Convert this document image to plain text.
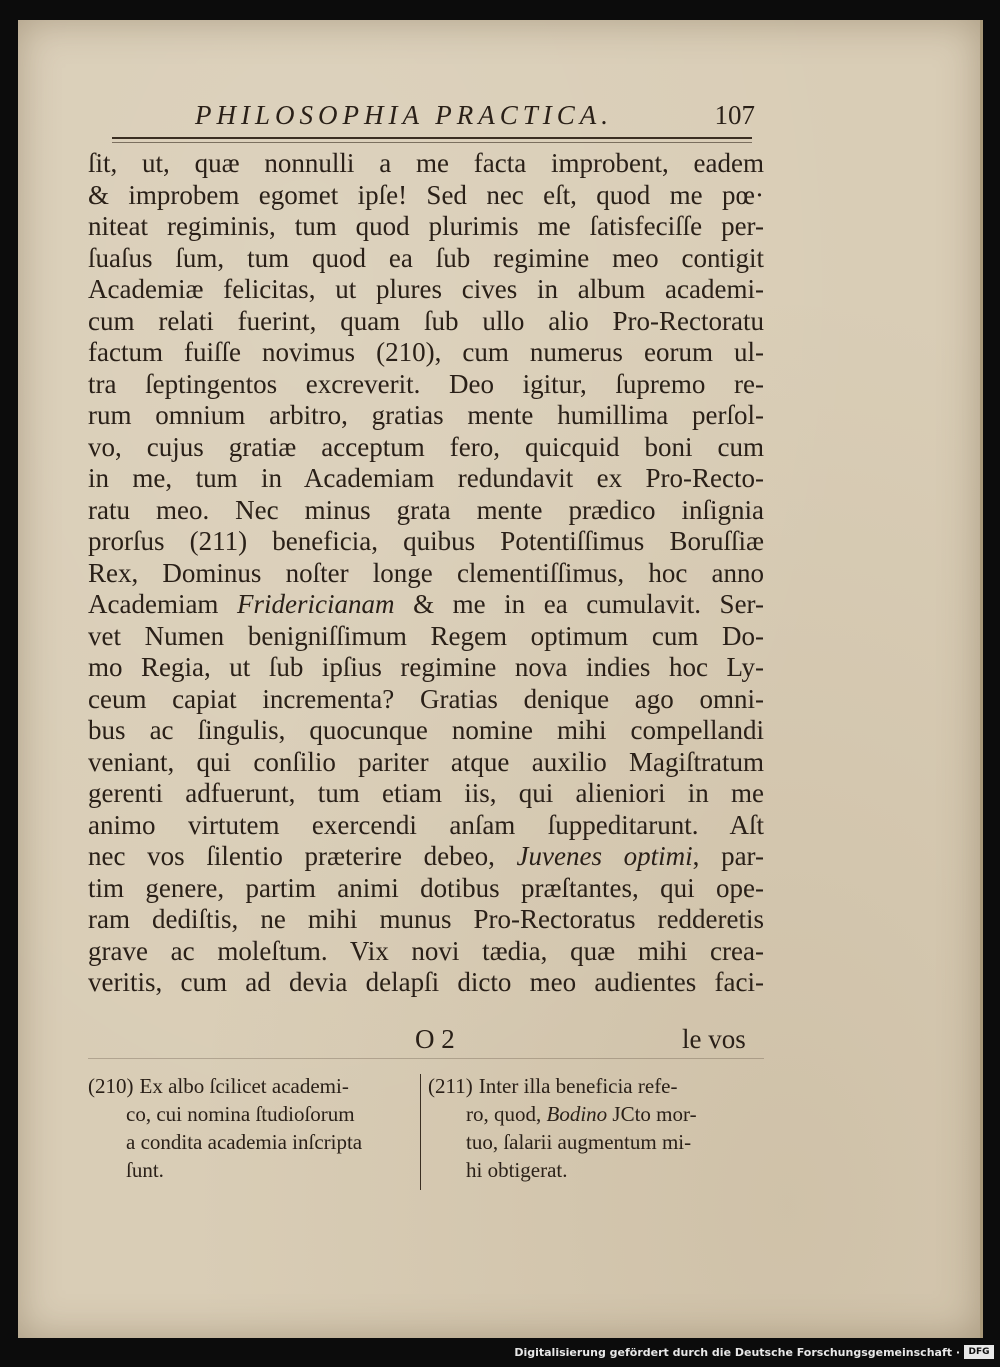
PHILOSOPHIA PRACTICA.	107
ſit, ut, quæ nonnulli a me facta improbent, eadem
& improbem egomet ipſe! Sed nec eſt, quod me pœ·
niteat regiminis, tum quod plurimis me ſatisfeciſſe per-
ſuaſus ſum, tum quod ea ſub regimine meo contigit
Academiæ felicitas, ut plures cives in album academi-
cum relati fuerint, quam ſub ullo alio Pro-Rectoratu
factum fuiſſe novimus (210), cum numerus eorum ul-
tra ſeptingentos excreverit. Deo igitur, ſupremo re-
rum omnium arbitro, gratias mente humillima perſol-
vo, cujus gratiæ acceptum fero, quicquid boni cum
in me, tum in Academiam redundavit ex Pro-Recto-
ratu meo. Nec minus grata mente prædico inſignia
prorſus (211) beneficia, quibus Potentiſſimus Boruſſiæ
Rex, Dominus noſter longe clementiſſimus, hoc anno
Academiam Fridericianam & me in ea cumulavit. Ser-
vet Numen benigniſſimum Regem optimum cum Do-
mo Regia, ut ſub ipſius regimine nova indies hoc Ly-
ceum capiat incrementa? Gratias denique ago omni-
bus ac ſingulis, quocunque nomine mihi compellandi
veniant, qui conſilio pariter atque auxilio Magiſtratum
gerenti adfuerunt, tum etiam iis, qui alieniori in me
animo virtutem exercendi anſam ſuppeditarunt. Aſt
nec vos ſilentio præterire debeo, Juvenes optimi, par-
tim genere, partim animi dotibus præſtantes, qui ope-
ram dediſtis, ne mihi munus Pro-Rectoratus redderetis
grave ac moleſtum. Vix novi tædia, quæ mihi crea-
veritis, cum ad devia delapſi dicto meo audientes faci-
O 2	le vos
(210) Ex albo ſcilicet academi-
co, cui nomina ſtudioſorum
a condita academia inſcripta
ſunt.
(211) Inter illa beneficia refe-
ro, quod, Bodino JCto mor-
tuo, ſalarii augmentum mi-
hi obtigerat.
Digitalisierung gefördert durch die Deutsche Forschungsgemeinschaft · DFG
